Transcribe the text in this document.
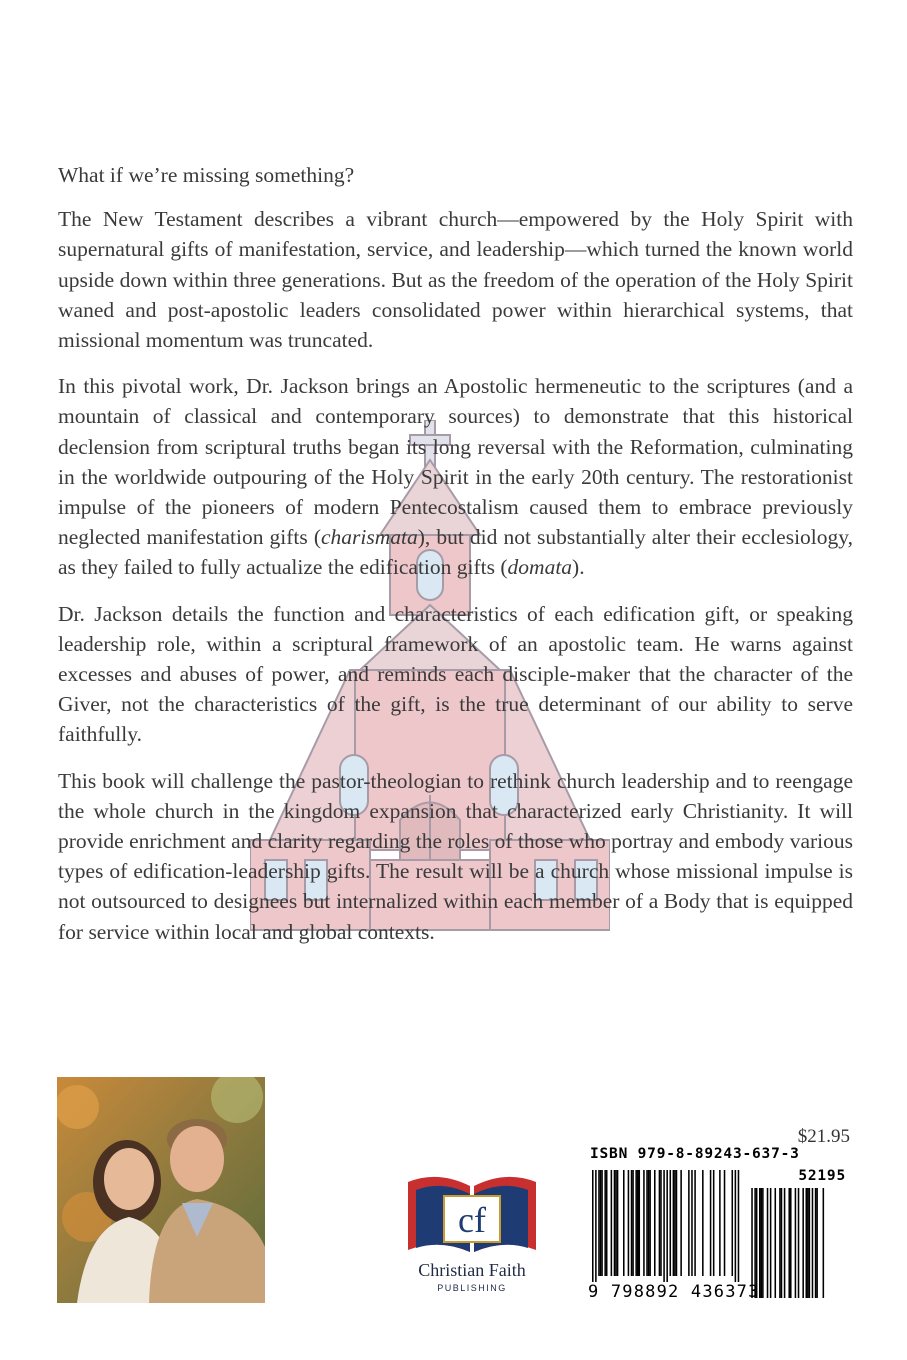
What if we’re missing something?

The New Testament describes a vibrant church—empowered by the Holy Spirit with supernatural gifts of manifestation, service, and leadership—which turned the known world upside down within three generations. But as the freedom of the operation of the Holy Spirit waned and post-apostolic leaders consolidated power within hierarchical systems, that missional momentum was truncated.

In this pivotal work, Dr. Jackson brings an Apostolic hermeneutic to the scriptures (and a mountain of classical and contemporary sources) to demonstrate that this historical declension from scriptural truths began its long reversal with the Reformation, culminating in the worldwide outpouring of the Holy Spirit in the early 20th century. The restorationist impulse of the pioneers of modern Pentecostalism caused them to embrace previously neglected manifestation gifts (charismata), but did not substantially alter their ecclesiology, as they failed to fully actualize the edification gifts (domata).

Dr. Jackson details the function and characteristics of each edification gift, or speaking leadership role, within a scriptural framework of an apostolic team. He warns against excesses and abuses of power, and reminds each disciple-maker that the character of the Giver, not the characteristics of the gift, is the true determinant of our ability to serve faithfully.

This book will challenge the pastor-theologian to rethink church leadership and to reengage the whole church in the kingdom expansion that characterized early Christianity. It will provide enrichment and clarity regarding the roles of those who portray and embody various types of edification-leadership gifts. The result will be a church whose missional impulse is not outsourced to designees but internalized within each member of a Body that is equipped for service within local and global contexts.

cf
Christian Faith
PUBLISHING
$21.95
ISBN 979-8-89243-637-3
52195
9 798892 436373
